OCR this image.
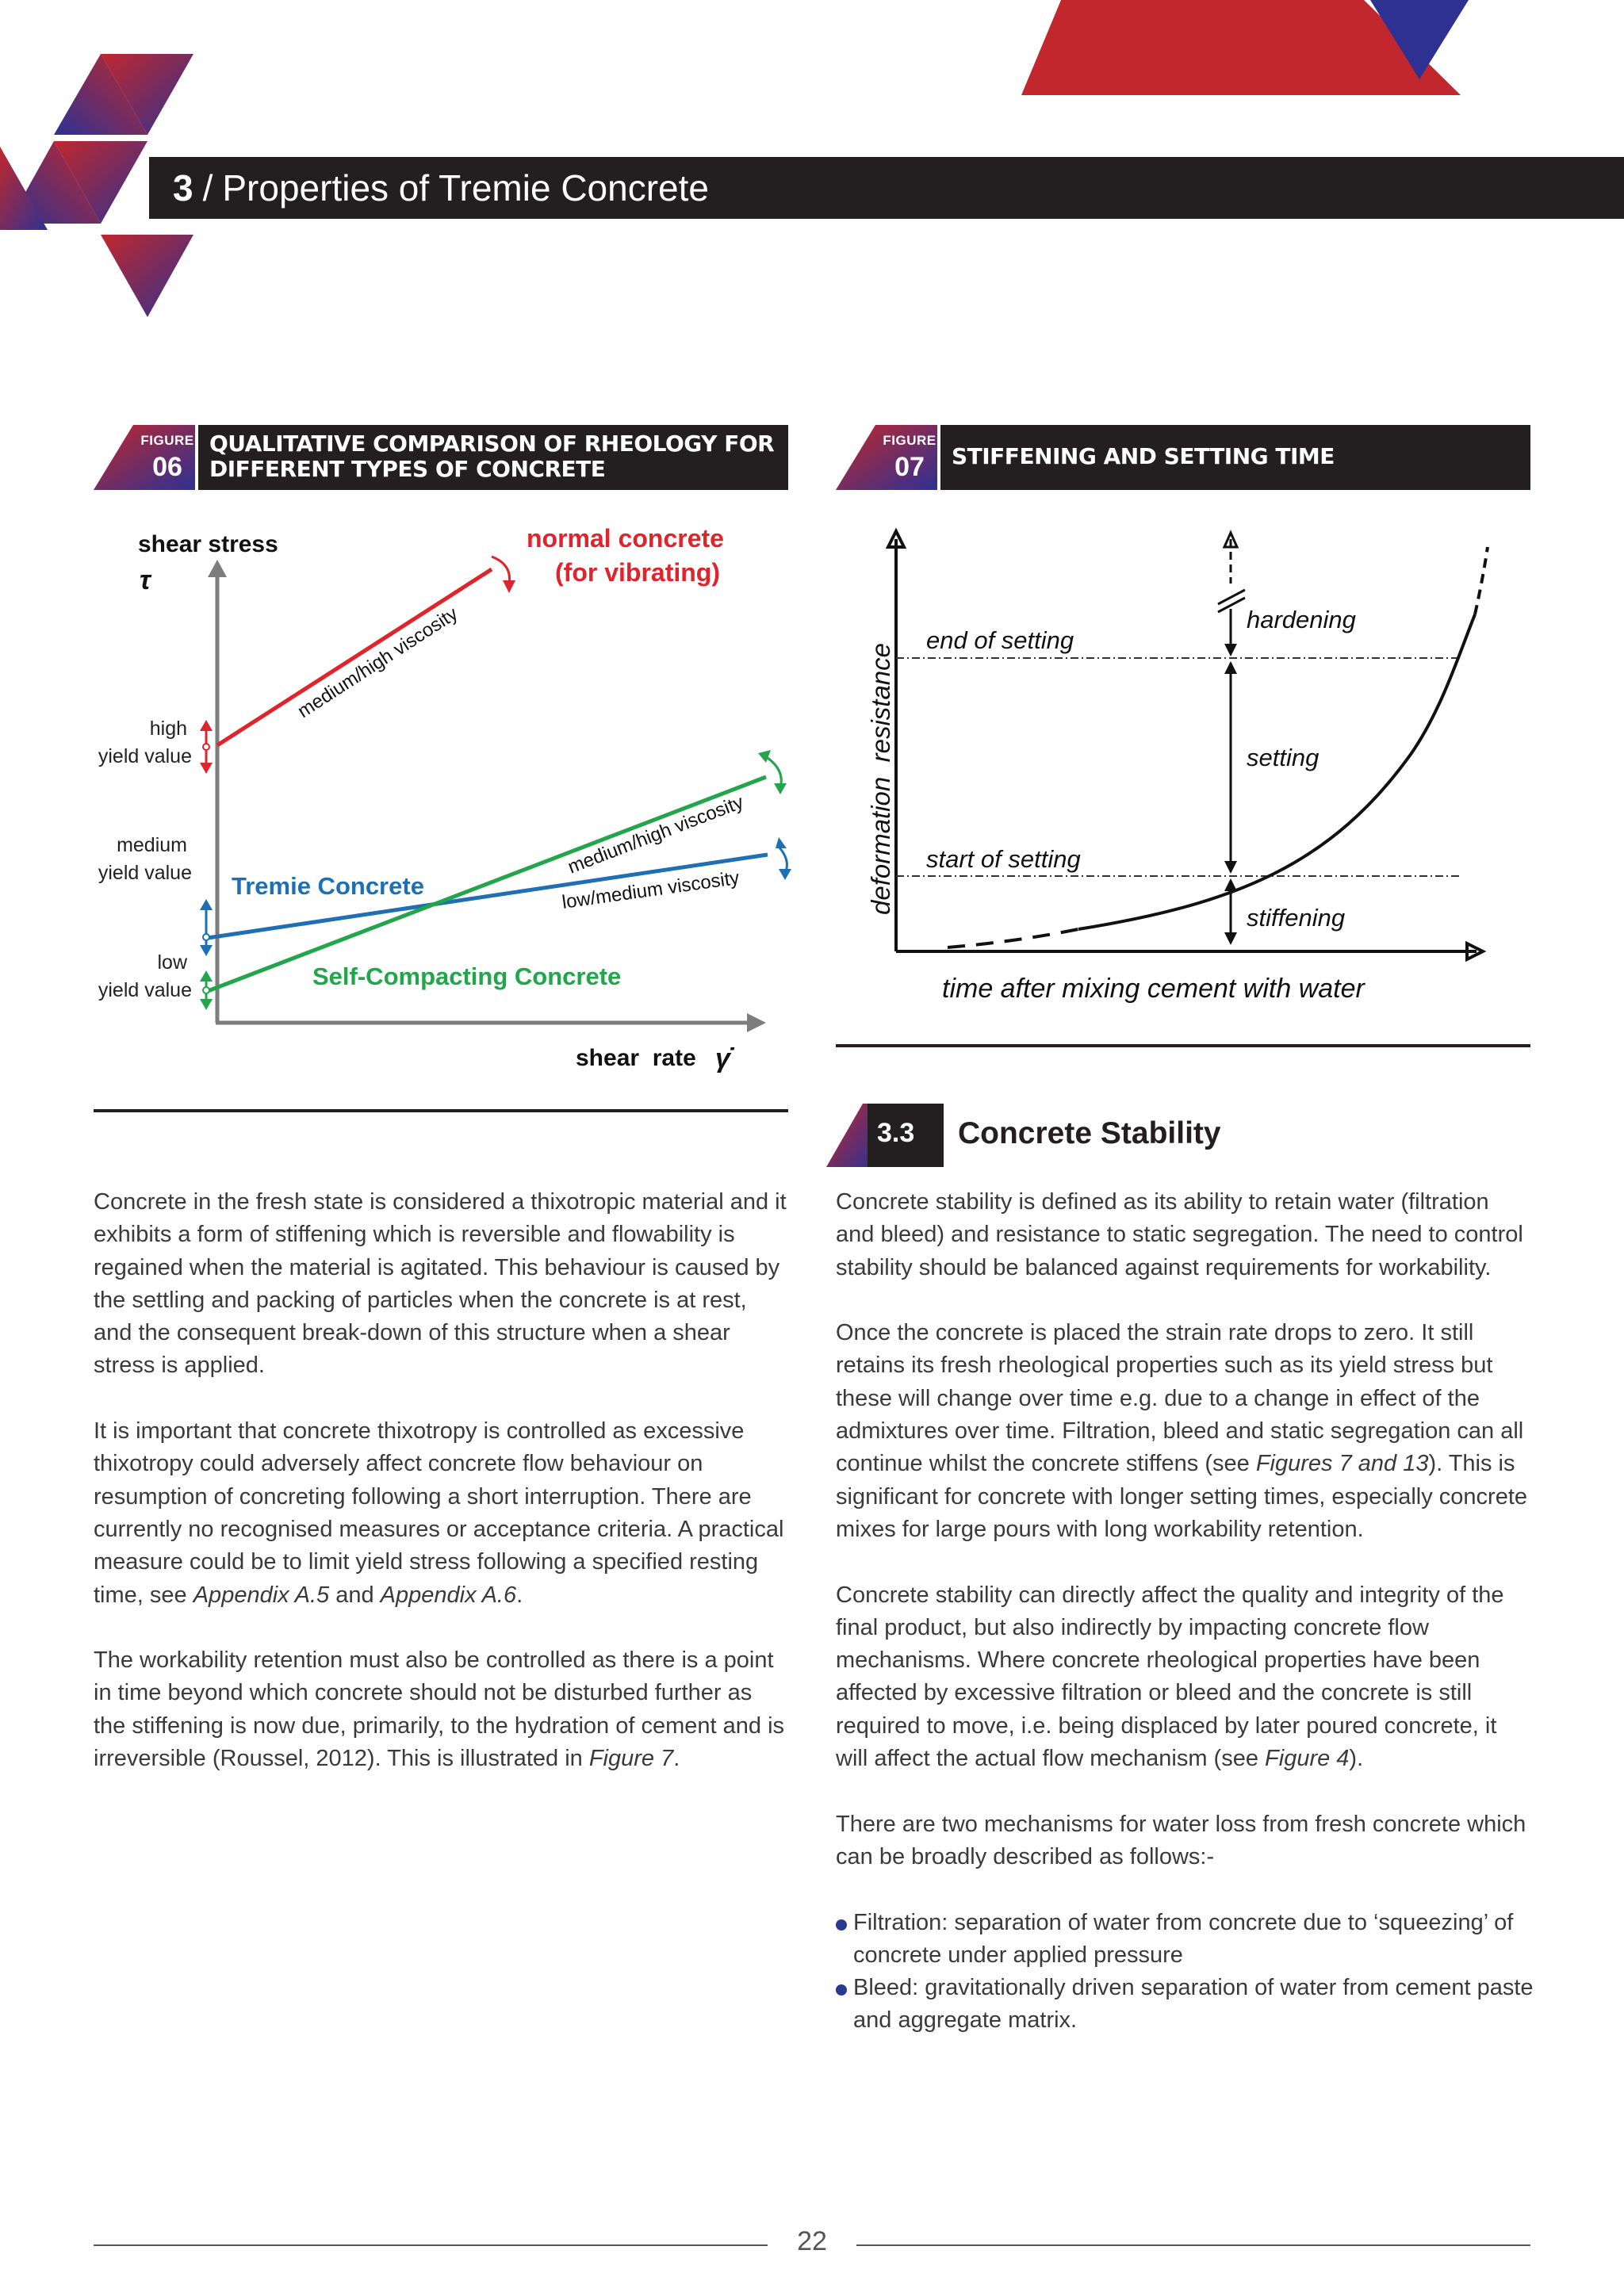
3 / Properties of Tremie Concrete
FIGURE
06
QUALITATIVE COMPARISON OF RHEOLOGY FOR
DIFFERENT TYPES OF CONCRETE
shear stress
τ
shear  rate γ̇
high
yield value
medium
yield value
low
yield value
normal concrete
(for vibrating)
medium/high viscosity
Tremie Concrete	low/medium viscosity
Self-Compacting Concrete
medium/high viscosity
FIGURE
07	STIFFENING AND SETTING TIME
deformation  resistance
time after mixing cement with water
end of setting
start of setting
hardening
setting
stiffening
3.3 Concrete Stability

Concrete in the fresh state is considered a thixotropic material and it exhibits a form of stiffening which is reversible and flowability is regained when the material is agitated. This behaviour is caused by the settling and packing of particles when the concrete is at rest, and the consequent break-down of this structure when a shear stress is applied.

It is important that concrete thixotropy is controlled as excessive thixotropy could adversely affect concrete flow behaviour on resumption of concreting following a short interruption. There are currently no recognised measures or acceptance criteria. A practical measure could be to limit yield stress following a specified resting time, see Appendix A.5 and Appendix A.6.

The workability retention must also be controlled as there is a point in time beyond which concrete should not be disturbed further as the stiffening is now due, primarily, to the hydration of cement and is irreversible (Roussel, 2012). This is illustrated in Figure 7.

Concrete stability is defined as its ability to retain water (filtration and bleed) and resistance to static segregation. The need to control stability should be balanced against requirements for workability.

Once the concrete is placed the strain rate drops to zero. It still retains its fresh rheological properties such as its yield stress but these will change over time e.g. due to a change in effect of the admixtures over time. Filtration, bleed and static segregation can all continue whilst the concrete stiffens (see Figures 7 and 13). This is significant for concrete with longer setting times, especially concrete mixes for large pours with long workability retention.

Concrete stability can directly affect the quality and integrity of the final product, but also indirectly by impacting concrete flow mechanisms. Where concrete rheological properties have been affected by excessive filtration or bleed and the concrete is still required to move, i.e. being displaced by later poured concrete, it will affect the actual flow mechanism (see Figure 4).

There are two mechanisms for water loss from fresh concrete which can be broadly described as follows:-

Filtration: separation of water from concrete due to ‘squeezing’ of concrete under applied pressure
Bleed: gravitationally driven separation of water from cement paste and aggregate matrix.
22
